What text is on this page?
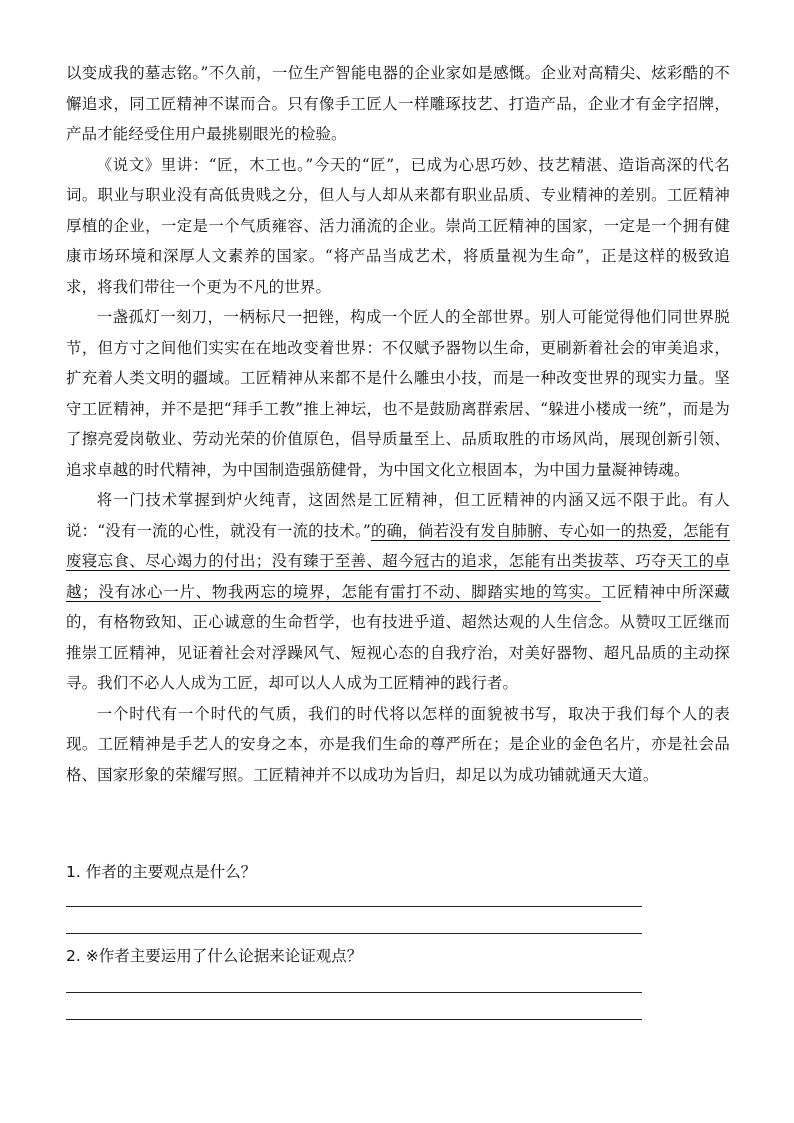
以变成我的墓志铭。”不久前，一位生产智能电器的企业家如是感慨。企业对高精尖、炫彩酷的不懈追求，同工匠精神不谋而合。只有像手工匠人一样雕琢技艺、打造产品，企业才有金字招牌，产品才能经受住用户最挑剔眼光的检验。

《说文》里讲：“匠，木工也。”今天的“匠”，已成为心思巧妙、技艺精湛、造诣高深的代名词。职业与职业没有高低贵贱之分，但人与人却从来都有职业品质、专业精神的差别。工匠精神厚植的企业，一定是一个气质雍容、活力涌流的企业。崇尚工匠精神的国家，一定是一个拥有健康市场环境和深厚人文素养的国家。“将产品当成艺术，将质量视为生命”，正是这样的极致追求，将我们带往一个更为不凡的世界。

一盏孤灯一刻刀，一柄标尺一把锉，构成一个匠人的全部世界。别人可能觉得他们同世界脱节，但方寸之间他们实实在在地改变着世界：不仅赋予器物以生命，更刷新着社会的审美追求，扩充着人类文明的疆域。工匠精神从来都不是什么雕虫小技，而是一种改变世界的现实力量。坚守工匠精神，并不是把“拜手工教”推上神坛，也不是鼓励离群索居、“躲进小楼成一统”，而是为了擦亮爱岗敬业、劳动光荣的价值原色，倡导质量至上、品质取胜的市场风尚，展现创新引领、追求卓越的时代精神，为中国制造强筋健骨，为中国文化立根固本，为中国力量凝神铸魂。

将一门技术掌握到炉火纯青，这固然是工匠精神，但工匠精神的内涵又远不限于此。有人说：“没有一流的心性，就没有一流的技术。”的确，倘若没有发自肺腑、专心如一的热爱，怎能有废寝忘食、尽心竭力的付出；没有臻于至善、超今冠古的追求，怎能有出类拔萃、巧夺天工的卓越；没有冰心一片、物我两忘的境界，怎能有雷打不动、脚踏实地的笃实。工匠精神中所深藏的，有格物致知、正心诚意的生命哲学，也有技进乎道、超然达观的人生信念。从赞叹工匠继而推崇工匠精神，见证着社会对浮躁风气、短视心态的自我疗治，对美好器物、超凡品质的主动探寻。我们不必人人成为工匠，却可以人人成为工匠精神的践行者。

一个时代有一个时代的气质，我们的时代将以怎样的面貌被书写，取决于我们每个人的表现。工匠精神是手艺人的安身之本，亦是我们生命的尊严所在；是企业的金色名片，亦是社会品格、国家形象的荣耀写照。工匠精神并不以成功为旨归，却足以为成功铺就通天大道。

1. 作者的主要观点是什么？

2. ※作者主要运用了什么论据来论证观点？
